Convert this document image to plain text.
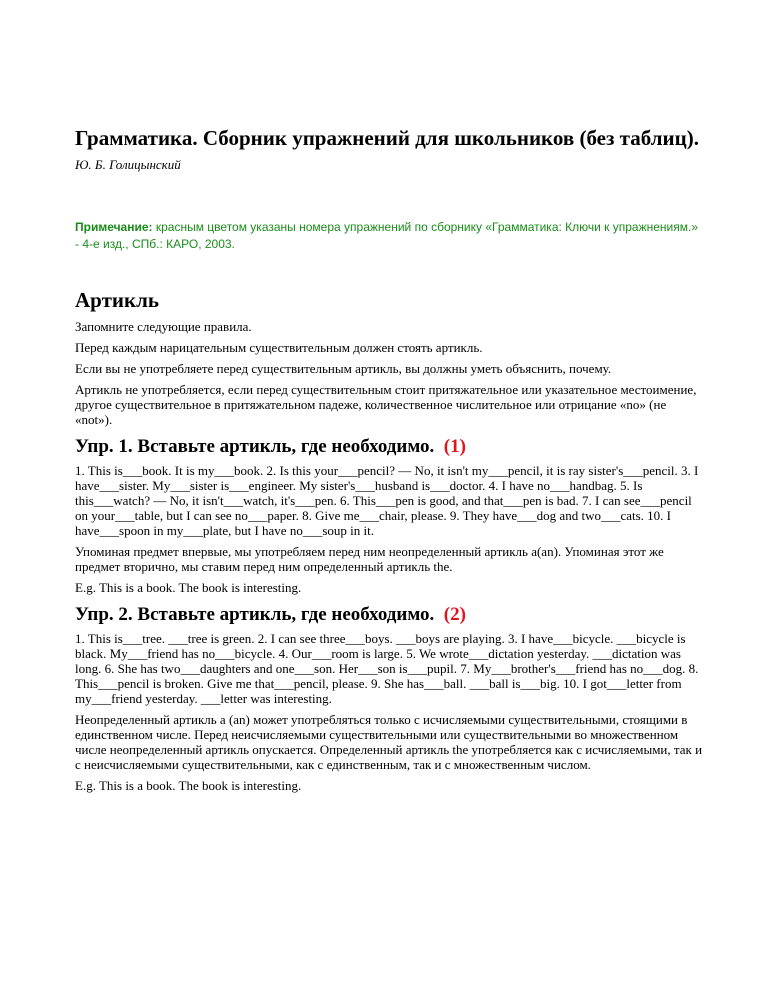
Грамматика. Сборник упражнений для школьников (без таблиц).

Ю. Б. Голицынский

Примечание: красным цветом указаны номера упражнений по сборнику «Грамматика: Ключи к упражнениям.» - 4-е изд., СПб.: КАРО, 2003.
Артикль

Запомните следующие правила.

Перед каждым нарицательным существительным должен стоять артикль.

Если вы не употребляете перед существительным артикль, вы должны уметь объяснить, почему.

Артикль не употребляется, если перед существительным стоит притяжательное или указательное местоимение, другое существительное в притяжательном падеже, количественное числительное или отрицание «no» (не «not»).

Упр. 1. Вставьте артикль, где необходимо. (1)

1. This is___book. It is my___book. 2. Is this your___pencil? — No, it isn't my___pencil, it is ray sister's___pencil. 3. I have___sister. My___sister is___engineer. My sister's___husband is___doctor. 4. I have no___handbag. 5. Is this___watch? — No, it isn't___watch, it's___pen. 6. This___pen is good, and that___pen is bad. 7. I can see___pencil on your___table, but I can see no___paper. 8. Give me___chair, please. 9. They have___dog and two___cats. 10. I have___spoon in my___plate, but I have no___soup in it.

Упоминая предмет впервые, мы употребляем перед ним неопределенный артикль a(an). Упоминая этот же предмет вторично, мы ставим перед ним определенный артикль the.

E.g. This is a book. The book is interesting.

Упр. 2. Вставьте артикль, где необходимо. (2)

1. This is___tree. ___tree is green. 2. I can see three___boys. ___boys are playing. 3. I have___bicycle. ___bicycle is black. My___friend has no___bicycle. 4. Our___room is large. 5. We wrote___dictation yesterday. ___dictation was long. 6. She has two___daughters and one___son. Her___son is___pupil. 7. My___brother's___friend has no___dog. 8. This___pencil is broken. Give me that___pencil, please. 9. She has___ball. ___ball is___big. 10. I got___letter from my___friend yesterday. ___letter was interesting.

Неопределенный артикль a (an) может употребляться только с исчисляемыми существительными, стоящими в единственном числе. Перед неисчисляемыми существительными или существительными во множественном числе неопределенный артикль опускается. Определенный артикль the употребляется как с исчисляемыми, так и с неисчисляемыми существительными, как с единственным, так и с множественным числом.

E.g. This is a book. The book is interesting.
